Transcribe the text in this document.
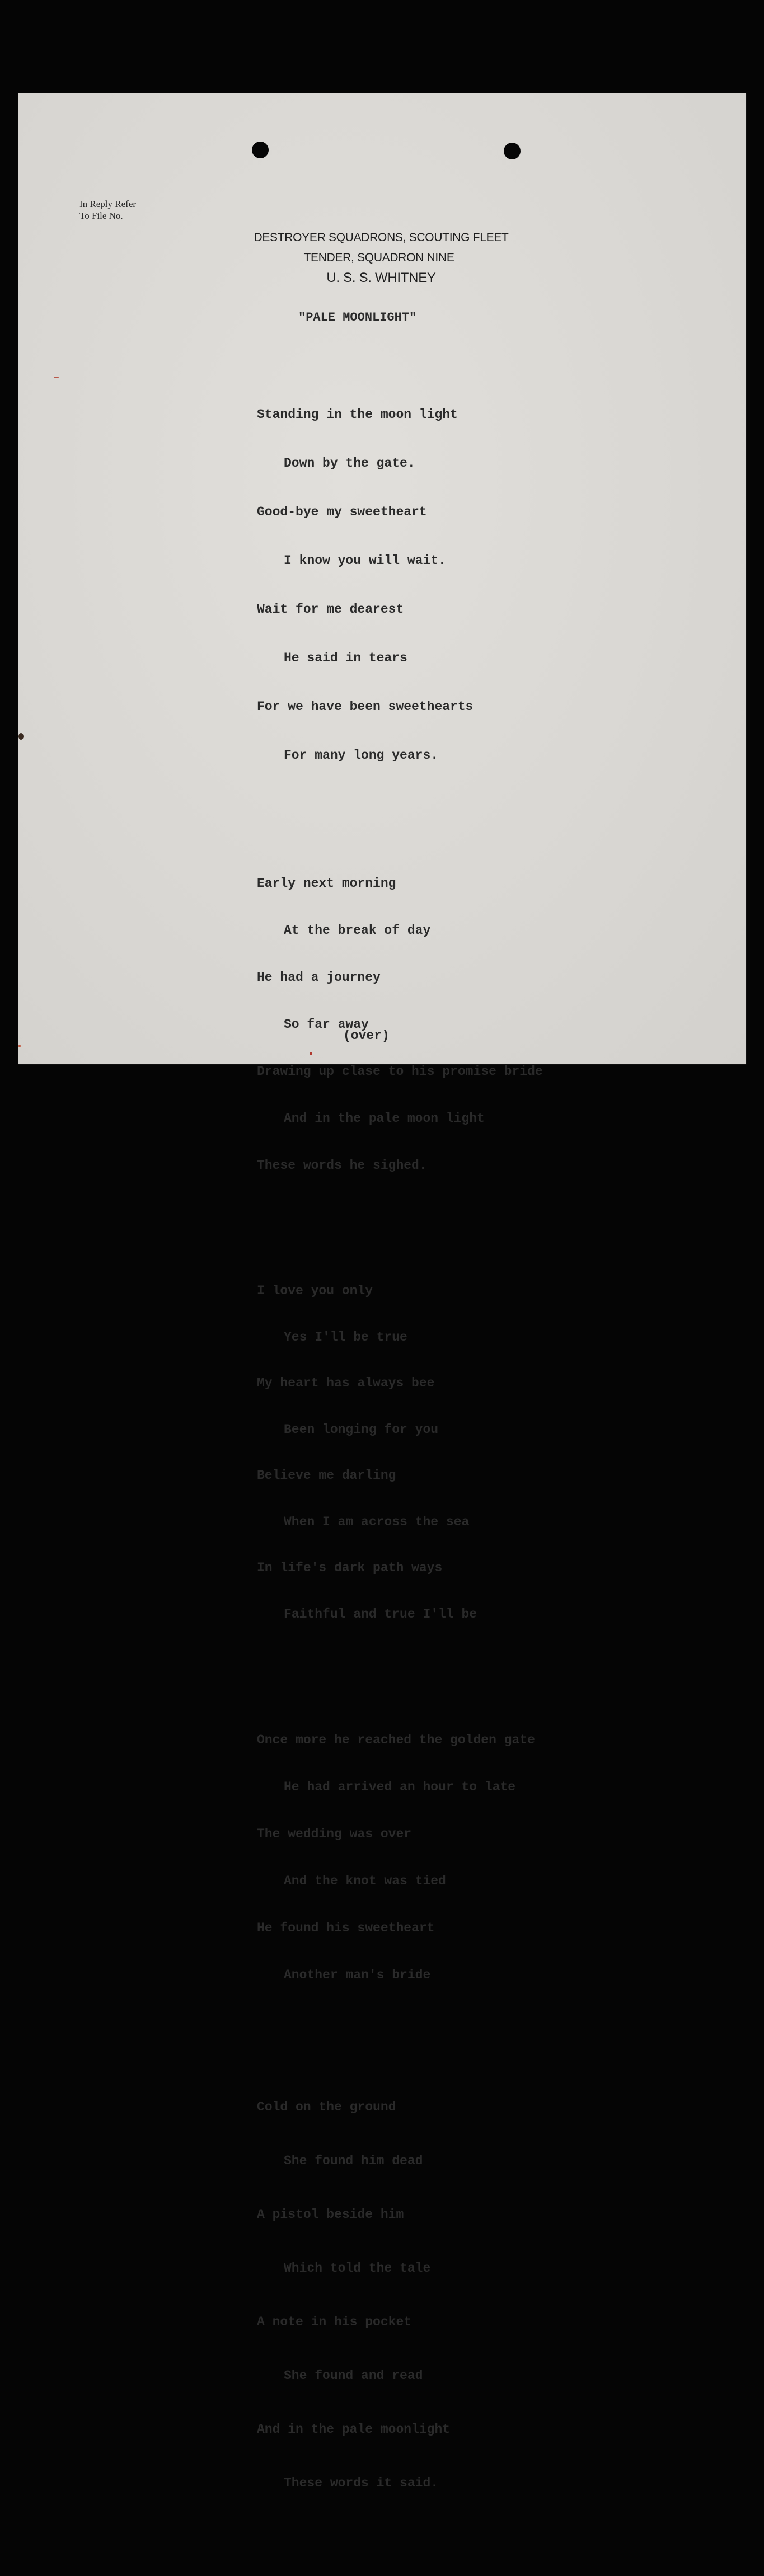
In Reply Refer
To File No.
DESTROYER SQUADRONS, SCOUTING FLEET
TENDER, SQUADRON NINE
U. S. S. WHITNEY
"PALE MOONLIGHT"

Standing in the moon light

Down by the gate.

Good-bye my sweetheart

I know you will wait.

Wait for me dearest

He said in tears

For we have been sweethearts

For many long years.

Early next morning

At the break of day

He had a journey

So far away

Drawing up clase to his promise bride

And in the pale moon light

These words he sighed.

I love you only

Yes I'll be true

My heart has always bee

Been longing for you

Believe me darling

When I am across the sea

In life's dark path ways

Faithful and true I'll be

Once more he reached the golden gate

He had arrived an hour to late

The wedding was over

And the knot was tied

He found his sweetheart

Another man's bride

Cold on the ground

She found him dead

A pistol beside him

Which told the tale

A note in his pocket

She found and read

And in the pale moonlight

These words it said.

(over)
